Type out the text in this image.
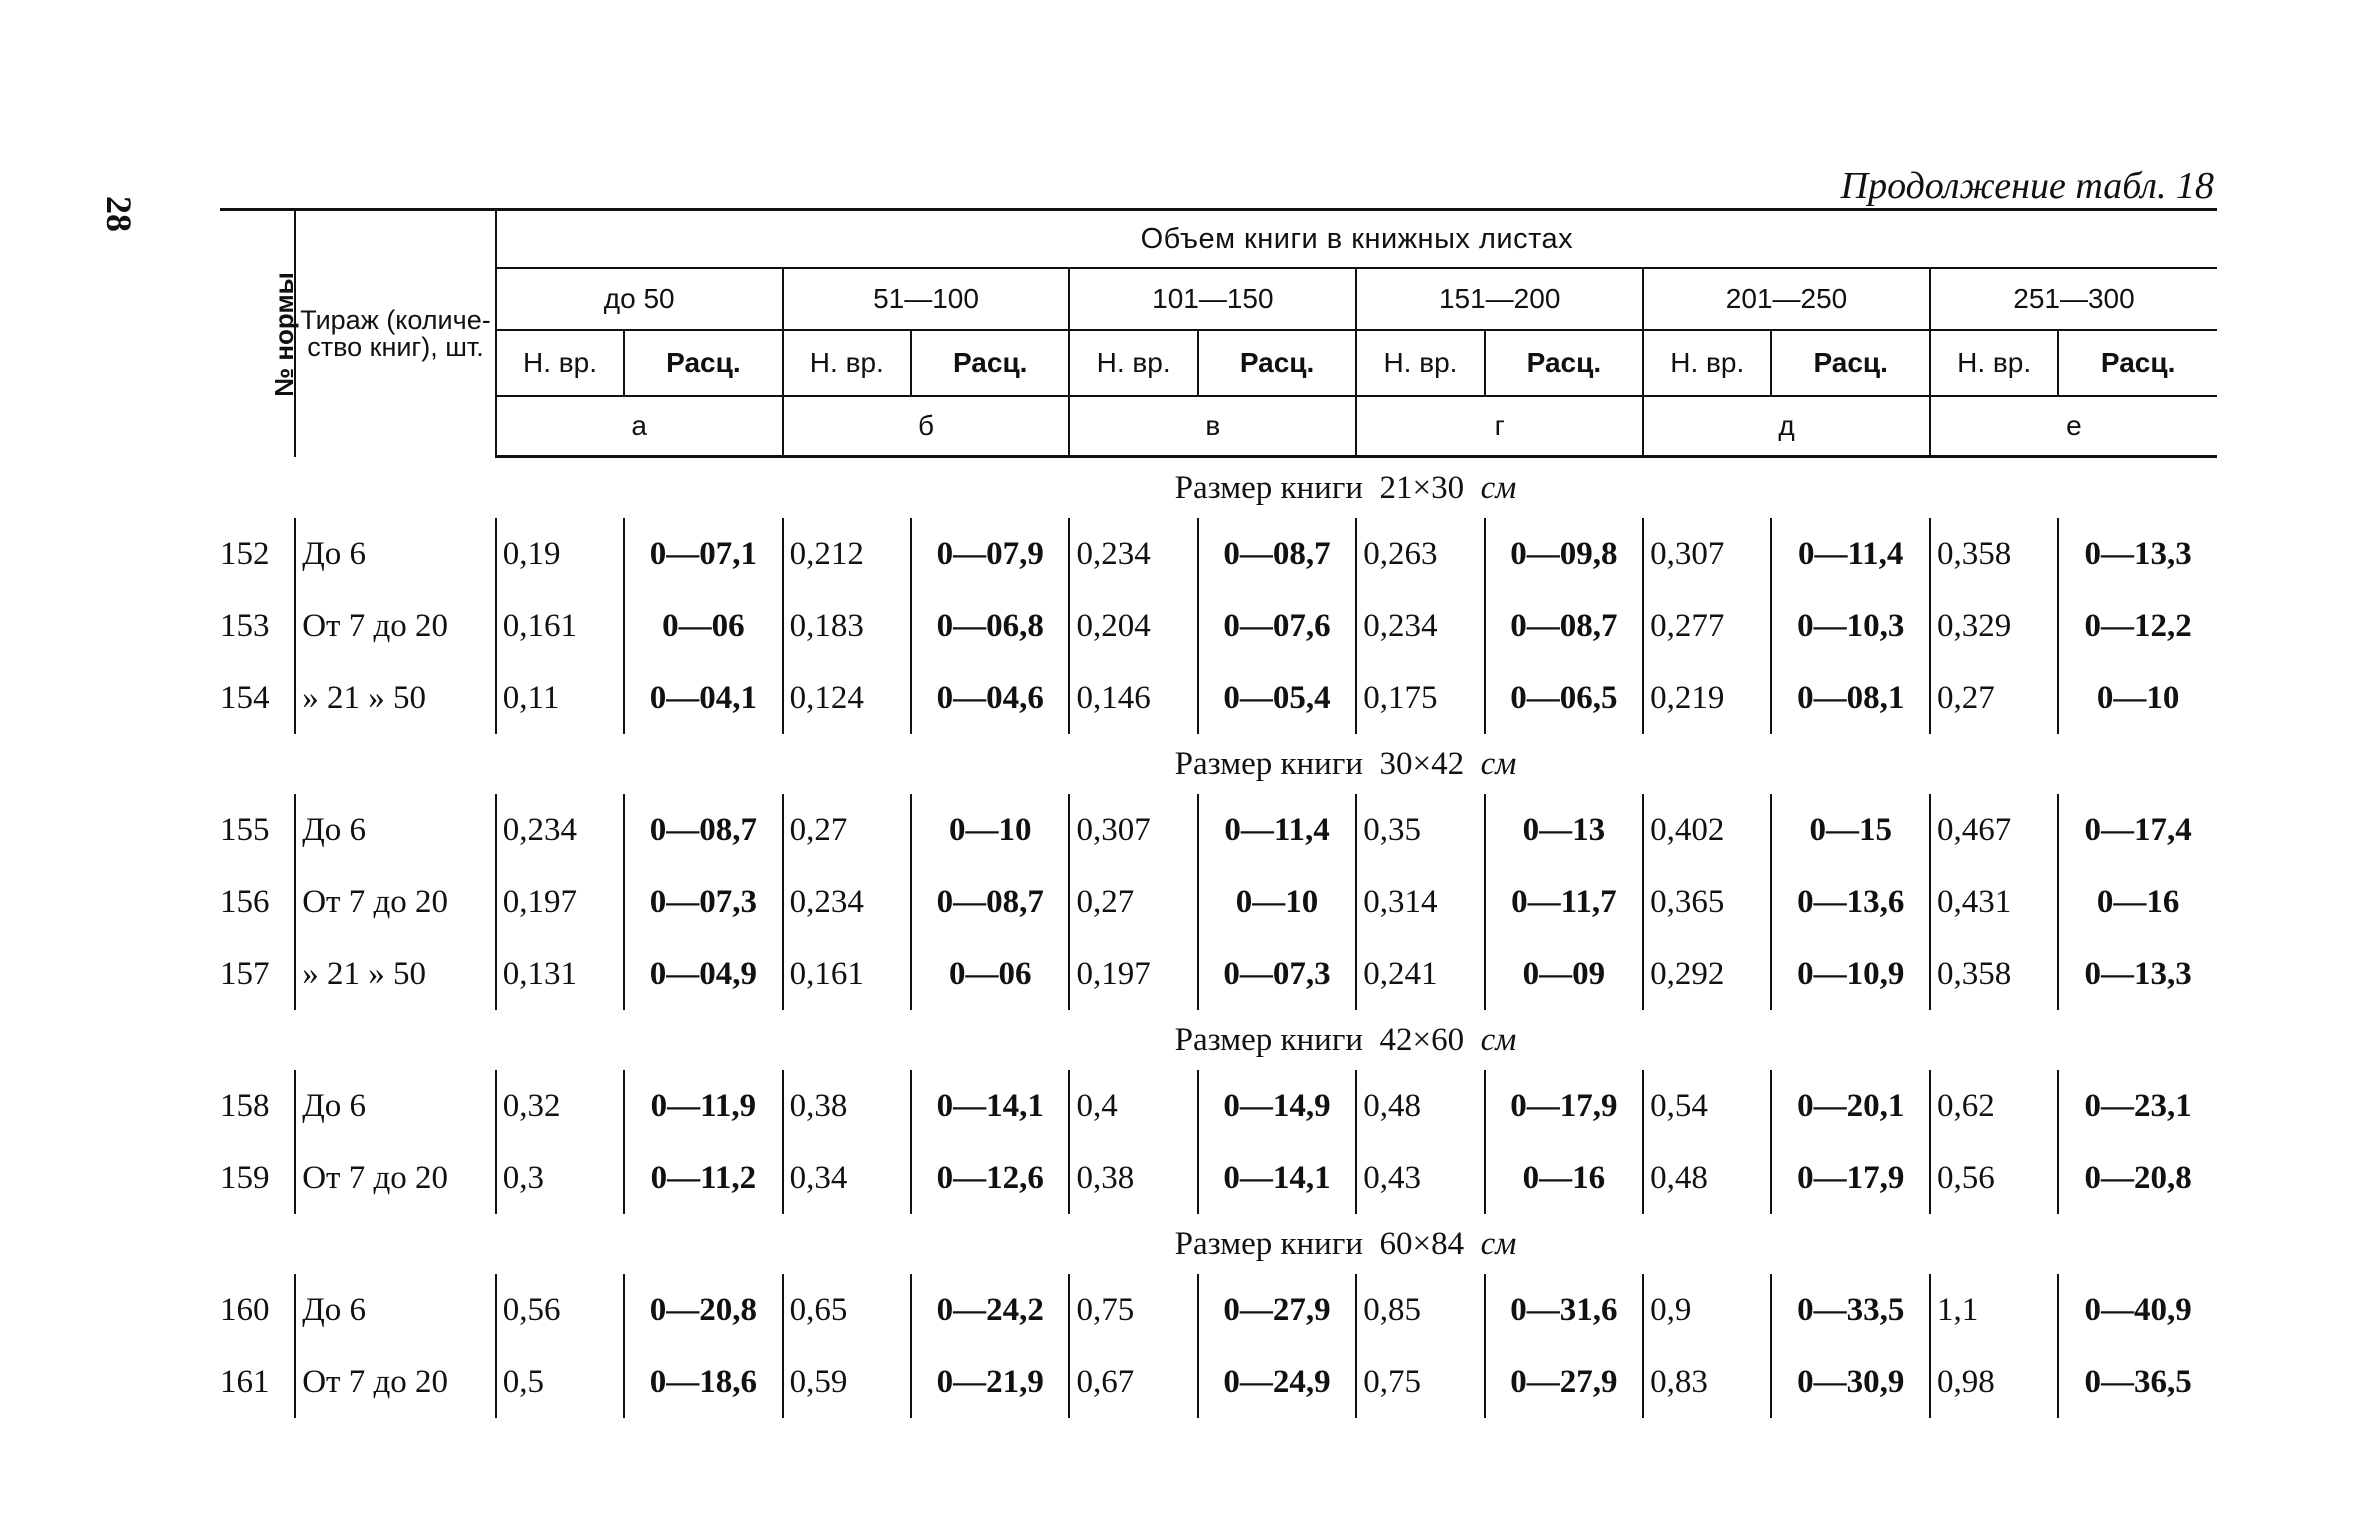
28
Продолжение табл. 18
№ нормы	Тираж (количество книг), шт.	Объем книги в книжных листах											
		до 50		51—100		101—150		151—200		201—250		251—300	
		Н. вр.	Расц.	Н. вр.	Расц.	Н. вр.	Расц.	Н. вр.	Расц.	Н. вр.	Расц.	Н. вр.	Расц.
		а		б		в		г		д		е	
Размер книги 21×30 см													
152	До 6	0,19	0—07,1	0,212	0—07,9	0,234	0—08,7	0,263	0—09,8	0,307	0—11,4	0,358	0—13,3
153	От 7 до 20	0,161	0—06	0,183	0—06,8	0,204	0—07,6	0,234	0—08,7	0,277	0—10,3	0,329	0—12,2
154	» 21 » 50	0,11	0—04,1	0,124	0—04,6	0,146	0—05,4	0,175	0—06,5	0,219	0—08,1	0,27	0—10
Размер книги 30×42 см													
155	До 6	0,234	0—08,7	0,27	0—10	0,307	0—11,4	0,35	0—13	0,402	0—15	0,467	0—17,4
156	От 7 до 20	0,197	0—07,3	0,234	0—08,7	0,27	0—10	0,314	0—11,7	0,365	0—13,6	0,431	0—16
157	» 21 » 50	0,131	0—04,9	0,161	0—06	0,197	0—07,3	0,241	0—09	0,292	0—10,9	0,358	0—13,3
Размер книги 42×60 см													
158	До 6	0,32	0—11,9	0,38	0—14,1	0,4	0—14,9	0,48	0—17,9	0,54	0—20,1	0,62	0—23,1
159	От 7 до 20	0,3	0—11,2	0,34	0—12,6	0,38	0—14,1	0,43	0—16	0,48	0—17,9	0,56	0—20,8
Размер книги 60×84 см													
160	До 6	0,56	0—20,8	0,65	0—24,2	0,75	0—27,9	0,85	0—31,6	0,9	0—33,5	1,1	0—40,9
161	От 7 до 20	0,5	0—18,6	0,59	0—21,9	0,67	0—24,9	0,75	0—27,9	0,83	0—30,9	0,98	0—36,5
